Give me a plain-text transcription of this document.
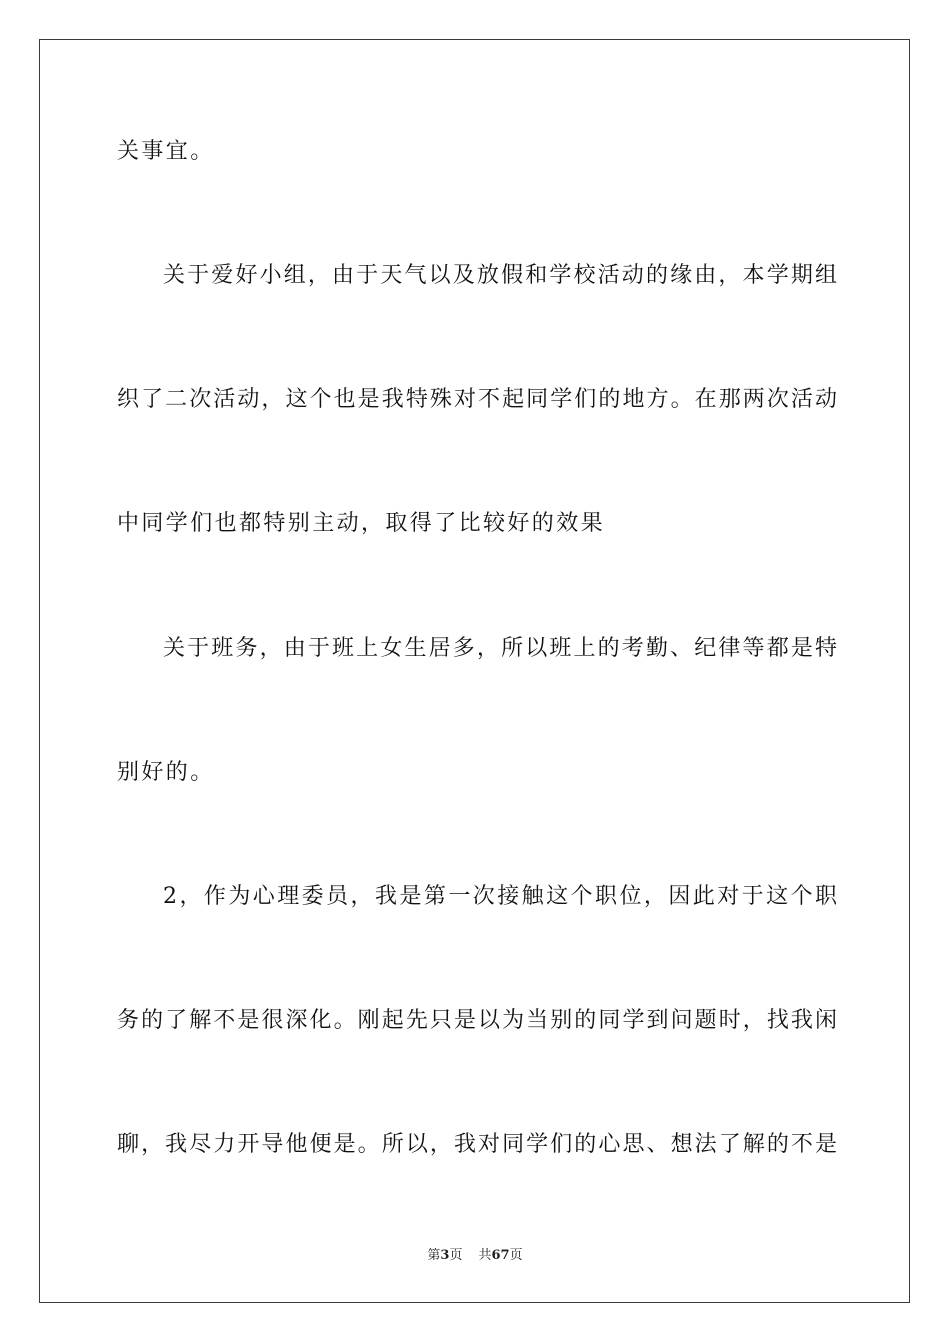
关事宜。
关于爱好小组，由于天气以及放假和学校活动的缘由，本学期组
织了二次活动，这个也是我特殊对不起同学们的地方。在那两次活动
中同学们也都特别主动，取得了比较好的效果
关于班务，由于班上女生居多，所以班上的考勤、纪律等都是特
别好的。
2，作为心理委员，我是第一次接触这个职位，因此对于这个职
务的了解不是很深化。刚起先只是以为当别的同学到问题时，找我闲
聊，我尽力开导他便是。所以，我对同学们的心思、想法了解的不是
第3页 共67页
